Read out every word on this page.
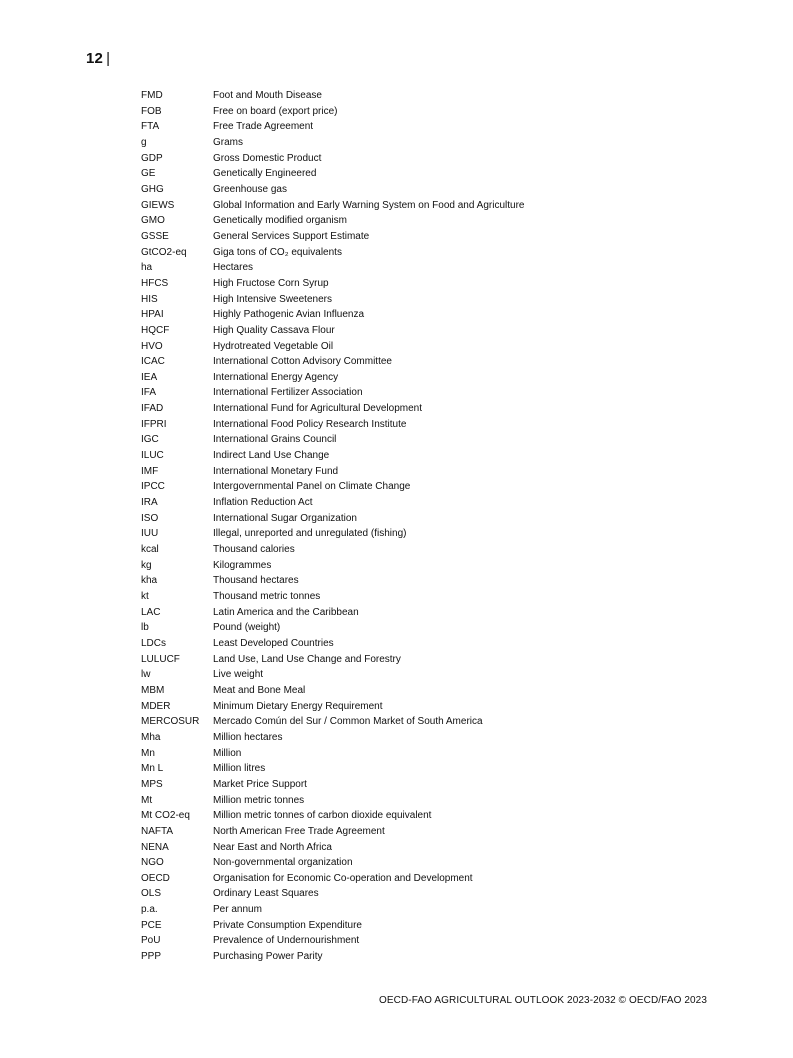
12 |
FMD	Foot and Mouth Disease
FOB	Free on board (export price)
FTA	Free Trade Agreement
g	Grams
GDP	Gross Domestic Product
GE	Genetically Engineered
GHG	Greenhouse gas
GIEWS	Global Information and Early Warning System on Food and Agriculture
GMO	Genetically modified organism
GSSE	General Services Support Estimate
GtCO2-eq	Giga tons of CO₂ equivalents
ha	Hectares
HFCS	High Fructose Corn Syrup
HIS	High Intensive Sweeteners
HPAI	Highly Pathogenic Avian Influenza
HQCF	High Quality Cassava Flour
HVO	Hydrotreated Vegetable Oil
ICAC	International Cotton Advisory Committee
IEA	International Energy Agency
IFA	International Fertilizer Association
IFAD	International Fund for Agricultural Development
IFPRI	International Food Policy Research Institute
IGC	International Grains Council
ILUC	Indirect Land Use Change
IMF	International Monetary Fund
IPCC	Intergovernmental Panel on Climate Change
IRA	Inflation Reduction Act
ISO	International Sugar Organization
IUU	Illegal, unreported and unregulated (fishing)
kcal	Thousand calories
kg	Kilogrammes
kha	Thousand hectares
kt	Thousand metric tonnes
LAC	Latin America and the Caribbean
lb	Pound (weight)
LDCs	Least Developed Countries
LULUCF	Land Use, Land Use Change and Forestry
lw	Live weight
MBM	Meat and Bone Meal
MDER	Minimum Dietary Energy Requirement
MERCOSUR	Mercado Común del Sur / Common Market of South America
Mha	Million hectares
Mn	Million
Mn L	Million litres
MPS	Market Price Support
Mt	Million metric tonnes
Mt CO2-eq	Million metric tonnes of carbon dioxide equivalent
NAFTA	North American Free Trade Agreement
NENA	Near East and North Africa
NGO	Non-governmental organization
OECD	Organisation for Economic Co-operation and Development
OLS	Ordinary Least Squares
p.a.	Per annum
PCE	Private Consumption Expenditure
PoU	Prevalence of Undernourishment
PPP	Purchasing Power Parity
OECD-FAO AGRICULTURAL OUTLOOK 2023-2032 © OECD/FAO 2023
